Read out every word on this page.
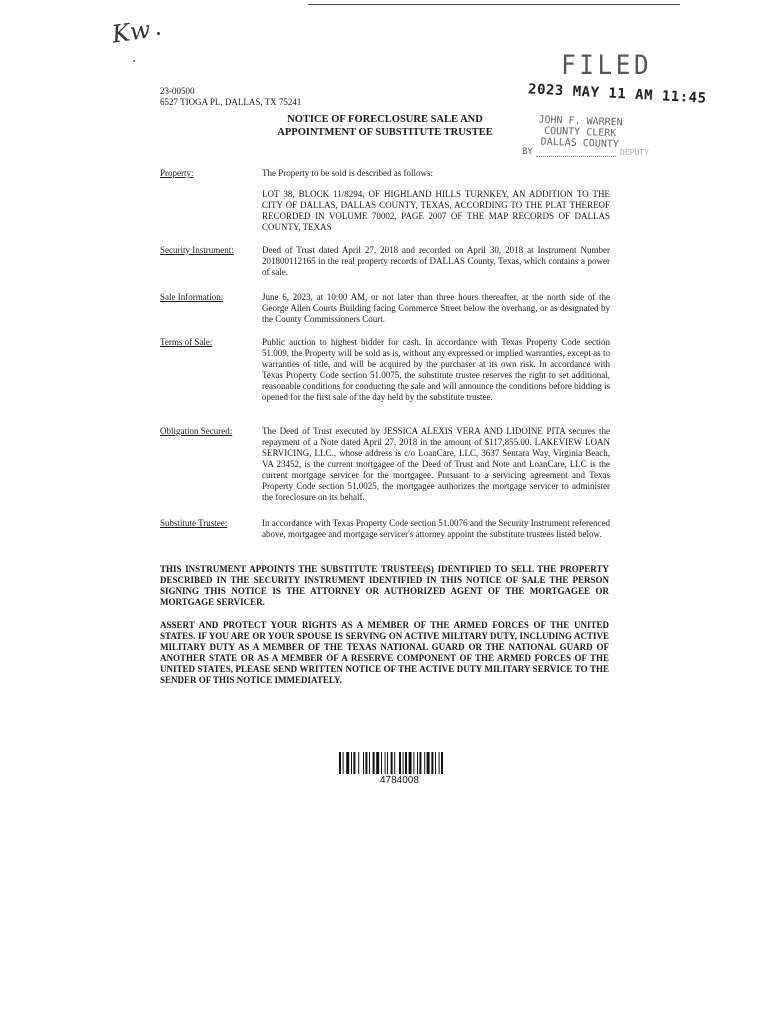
Kw
23-00500
6527 TIOGA PL, DALLAS, TX 75241
NOTICE OF FORECLOSURE SALE AND
APPOINTMENT OF SUBSTITUTE TRUSTEE
FILED
2023 MAY 11 AM 11:45
JOHN F. WARREN
COUNTY CLERK
DALLAS COUNTY
BY	DEPUTY
Property:	The Property to be sold is described as follows:
LOT 38, BLOCK 11/8294, OF HIGHLAND HILLS TURNKEY, AN ADDITION TO THE CITY OF DALLAS, DALLAS COUNTY, TEXAS, ACCORDING TO THE PLAT THEREOF RECORDED IN VOLUME 70002, PAGE 2007 OF THE MAP RECORDS OF DALLAS COUNTY, TEXAS
Security Instrument:	Deed of Trust dated April 27, 2018 and recorded on April 30, 2018 at Instrument Number 201800112165 in the real property records of DALLAS County, Texas, which contains a power of sale.
Sale Information:	June 6, 2023, at 10:00 AM, or not later than three hours thereafter, at the north side of the George Allen Courts Building facing Commerce Street below the overhang, or as designated by the County Commissioners Court.
Terms of Sale:	Public auction to highest bidder for cash. In accordance with Texas Property Code section 51.009, the Property will be sold as is, without any expressed or implied warranties, except as to warranties of title, and will be acquired by the purchaser at its own risk. In accordance with Texas Property Code section 51.0075, the substitute trustee reserves the right to set additional, reasonable conditions for conducting the sale and will announce the conditions before bidding is opened for the first sale of the day held by the substitute trustee.
Obligation Secured:	The Deed of Trust executed by JESSICA ALEXIS VERA AND LIDOINE PITA secures the repayment of a Note dated April 27, 2018 in the amount of $117,855.00. LAKEVIEW LOAN SERVICING, LLC., whose address is c/o LoanCare, LLC, 3637 Sentara Way, Virginia Beach, VA 23452, is the current mortgagee of the Deed of Trust and Note and LoanCare, LLC is the current mortgage servicer for the mortgagee. Pursuant to a servicing agreement and Texas Property Code section 51.0025, the mortgagee authorizes the mortgage servicer to administer the foreclosure on its behalf.
Substitute Trustee:	In accordance with Texas Property Code section 51.0076 and the Security Instrument referenced above, mortgagee and mortgage servicer's attorney appoint the substitute trustees listed below.
THIS INSTRUMENT APPOINTS THE SUBSTITUTE TRUSTEE(S) IDENTIFIED TO SELL THE PROPERTY DESCRIBED IN THE SECURITY INSTRUMENT IDENTIFIED IN THIS NOTICE OF SALE THE PERSON SIGNING THIS NOTICE IS THE ATTORNEY OR AUTHORIZED AGENT OF THE MORTGAGEE OR MORTGAGE SERVICER.
ASSERT AND PROTECT YOUR RIGHTS AS A MEMBER OF THE ARMED FORCES OF THE UNITED STATES. IF YOU ARE OR YOUR SPOUSE IS SERVING ON ACTIVE MILITARY DUTY, INCLUDING ACTIVE MILITARY DUTY AS A MEMBER OF THE TEXAS NATIONAL GUARD OR THE NATIONAL GUARD OF ANOTHER STATE OR AS A MEMBER OF A RESERVE COMPONENT OF THE ARMED FORCES OF THE UNITED STATES, PLEASE SEND WRITTEN NOTICE OF THE ACTIVE DUTY MILITARY SERVICE TO THE SENDER OF THIS NOTICE IMMEDIATELY.
4784008
